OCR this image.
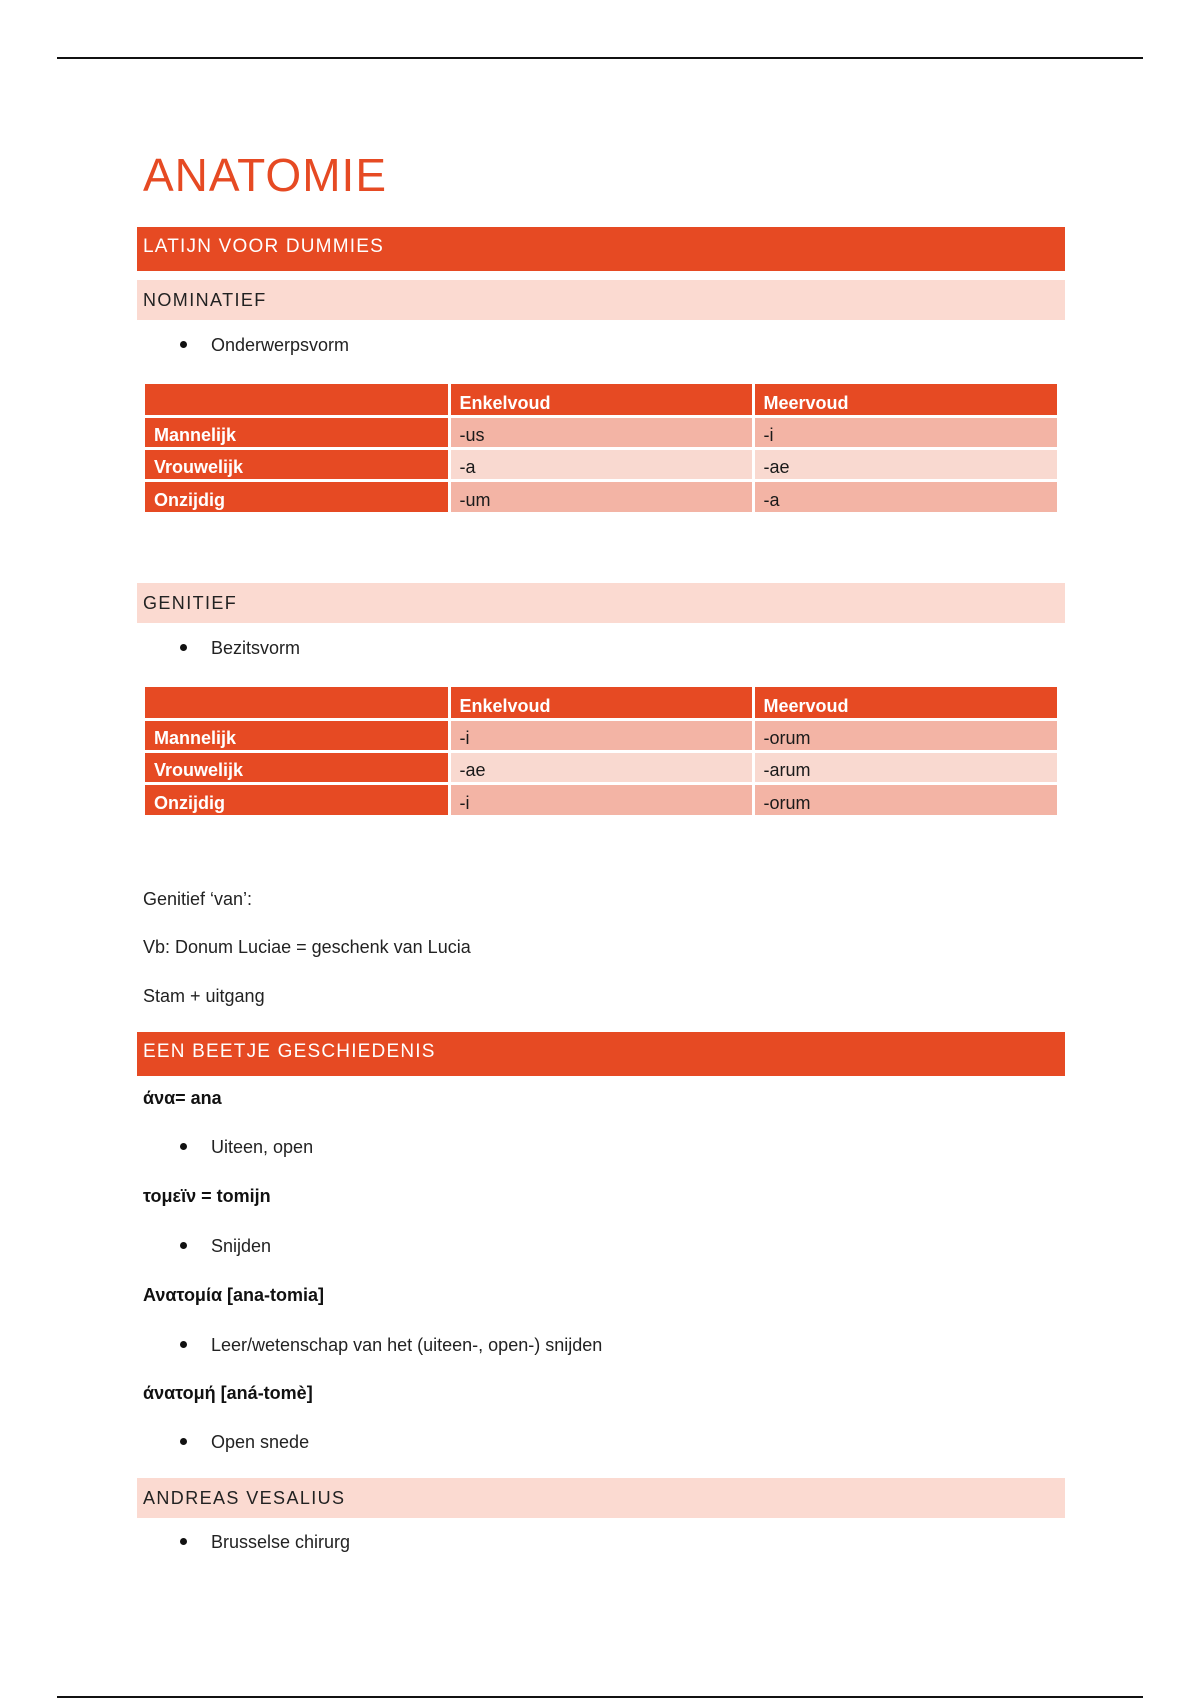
ANATOMIE
LATIJN VOOR DUMMIES
NOMINATIEF
Onderwerpsvorm
	Enkelvoud	Meervoud
Mannelijk	-us	-i
Vrouwelijk	-a	-ae
Onzijdig	-um	-a
GENITIEF
Bezitsvorm
	Enkelvoud	Meervoud
Mannelijk	-i	-orum
Vrouwelijk	-ae	-arum
Onzijdig	-i	-orum
Genitief ‘van’:
Vb: Donum Luciae = geschenk van Lucia
Stam + uitgang
EEN BEETJE GESCHIEDENIS
άνα= ana
Uiteen, open
τομεϊν = tomijn
Snijden
Ανατομία [ana-tomia]
Leer/wetenschap van het (uiteen-, open-) snijden
άνατομή [aná-tomè]
Open snede
ANDREAS VESALIUS
Brusselse chirurg
